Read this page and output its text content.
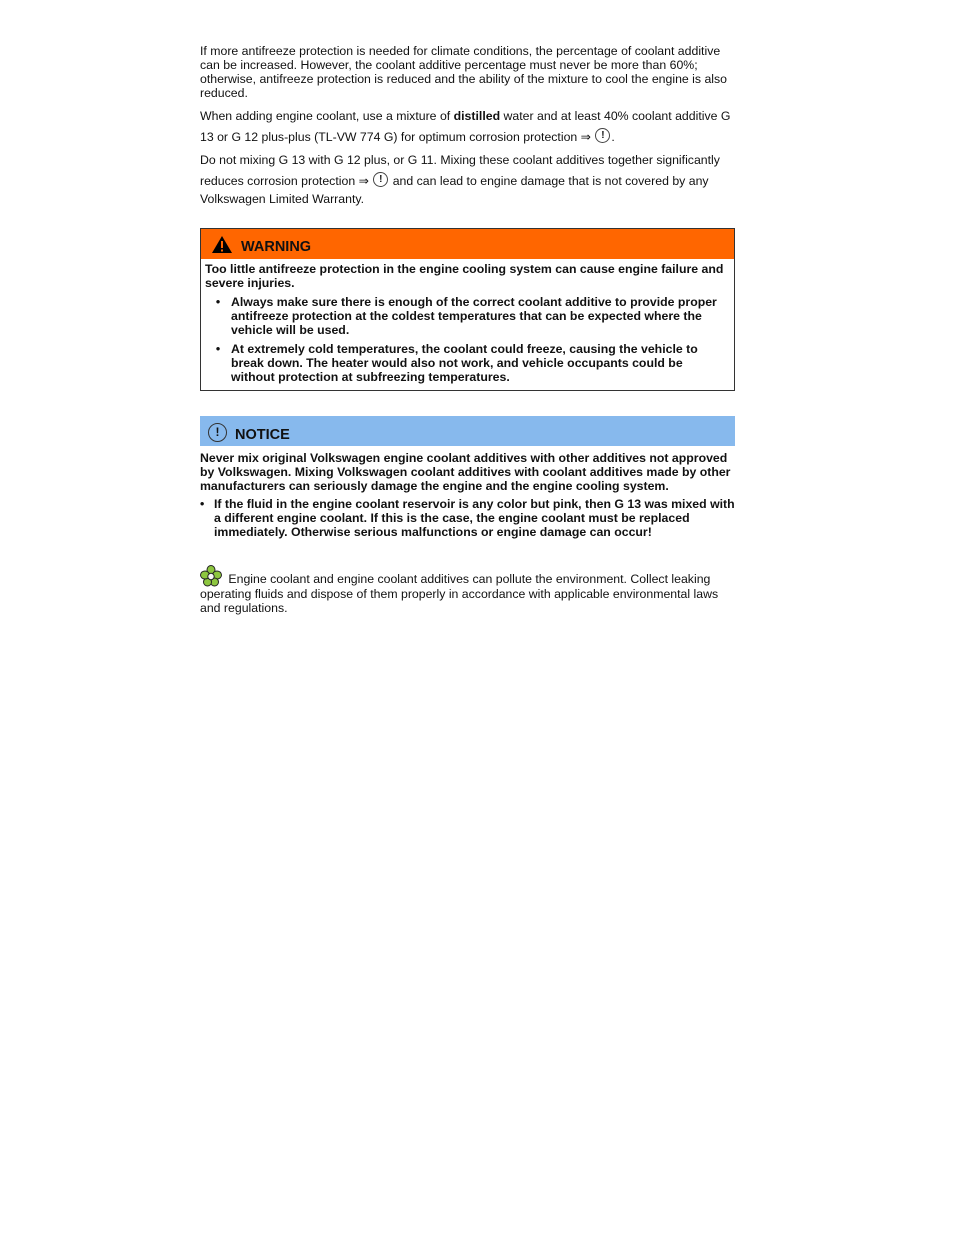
If more antifreeze protection is needed for climate conditions, the percentage of coolant additive can be increased. However, the coolant additive percentage must never be more than 60%; otherwise, antifreeze protection is reduced and the ability of the mixture to cool the engine is also reduced.

When adding engine coolant, use a mixture of distilled water and at least 40% coolant additive G 13 or G 12 plus-plus (TL-VW 774 G) for optimum corrosion protection ⇒ ! .

Do not mixing G 13 with G 12 plus, or G 11. Mixing these coolant additives together significantly reduces corrosion protection ⇒ ! and can lead to engine damage that is not covered by any Volkswagen Limited Warranty.

WARNING

Too little antifreeze protection in the engine cooling system can cause engine failure and severe injuries.

• Always make sure there is enough of the correct coolant additive to provide proper antifreeze protection at the coldest temperatures that can be expected where the vehicle will be used.

• At extremely cold temperatures, the coolant could freeze, causing the vehicle to break down. The heater would also not work, and vehicle occupants could be without protection at subfreezing temperatures.

!	NOTICE

Never mix original Volkswagen engine coolant additives with other additives not approved by Volkswagen. Mixing Volkswagen coolant additives with coolant additives made by other manufacturers can seriously damage the engine and the engine cooling system.

• If the fluid in the engine coolant reservoir is any color but pink, then G 13 was mixed with a different engine coolant. If this is the case, the engine coolant must be replaced immediately. Otherwise serious malfunctions or engine damage can occur!

Engine coolant and engine coolant additives can pollute the environment. Collect leaking operating fluids and dispose of them properly in accordance with applicable environmental laws and regulations.
